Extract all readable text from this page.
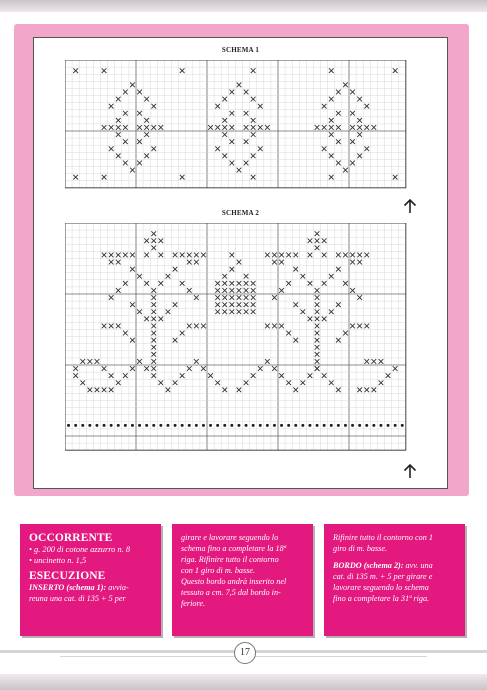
SCHEMA 1
SCHEMA 2
OCCORRENTE
• g. 200 di cotone azzurro n. 8
• uncinetto n. 1,5
ESECUZIONE

INSERTO (schema 1): avvia-

reuna una cat. di 135 + 5 per

girare e lavorare seguendo lo

schema fino a completare la 18ª

riga. Rifinire tutto il contorno

con 1 giro di m. basse.

Questo bordo andrà inserito nel

tessuto a cm. 7,5 dal bordo in-

feriore.

Rifinire tutto il contorno con 1

giro di m. basse.

BORDO (schema 2): avv. una

cat. di 135 m. + 5 per girare e

lavorare seguendo lo schema

fino a completare la 31ª riga.

17
